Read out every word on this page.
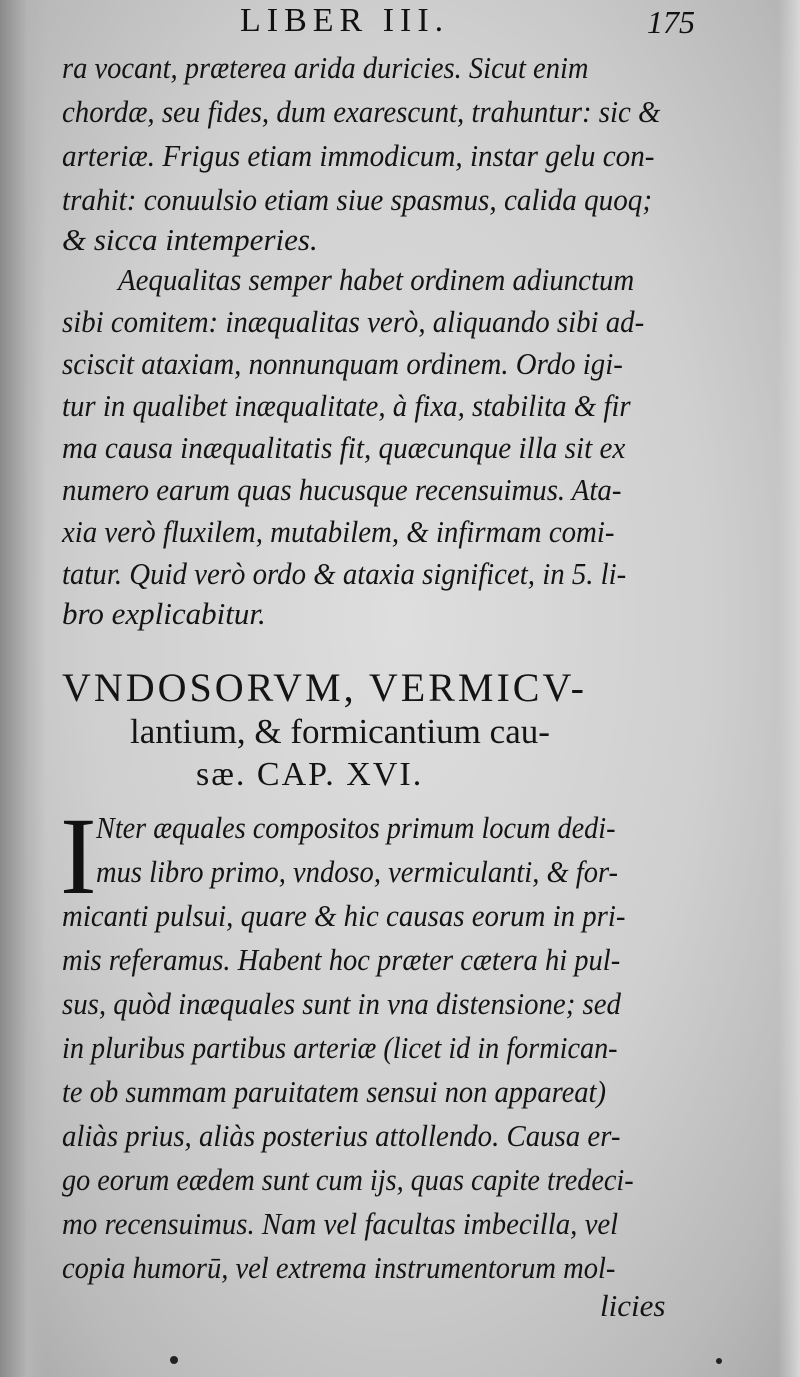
LIBER III.	175
ra vocant, præterea arida duricies. Sicut enim
chordæ, seu fides, dum exarescunt, trahuntur: sic &
arteriæ. Frigus etiam immodicum, instar gelu con-
trahit: conuulsio etiam siue spasmus, calida quoq;
& sicca intemperies.
Aequalitas semper habet ordinem adiunctum
sibi comitem: inæqualitas verò, aliquando sibi ad-
sciscit ataxiam, nonnunquam ordinem. Ordo igi-
tur in qualibet inæqualitate, à fixa, stabilita & fir
ma causa inæqualitatis fit, quæcunque illa sit ex
numero earum quas hucusque recensuimus. Ata-
xia verò fluxilem, mutabilem, & infirmam comi-
tatur. Quid verò ordo & ataxia significet, in 5. li-
bro explicabitur.
VNDOSORVM, VERMICV-
lantium, & formicantium cau-
sæ. CAP. XVI.
I Nter æquales compositos primum locum dedi-
mus libro primo, vndoso, vermiculanti, & for-
micanti pulsui, quare & hic causas eorum in pri-
mis referamus. Habent hoc præter cætera hi pul-
sus, quòd inæquales sunt in vna distensione; sed
in pluribus partibus arteriæ (licet id in formican-
te ob summam paruitatem sensui non appareat)
aliàs prius, aliàs posterius attollendo. Causa er-
go eorum eædem sunt cum ijs, quas capite tredeci-
mo recensuimus. Nam vel facultas imbecilla, vel
copia humorū, vel extrema instrumentorum mol-
licies
